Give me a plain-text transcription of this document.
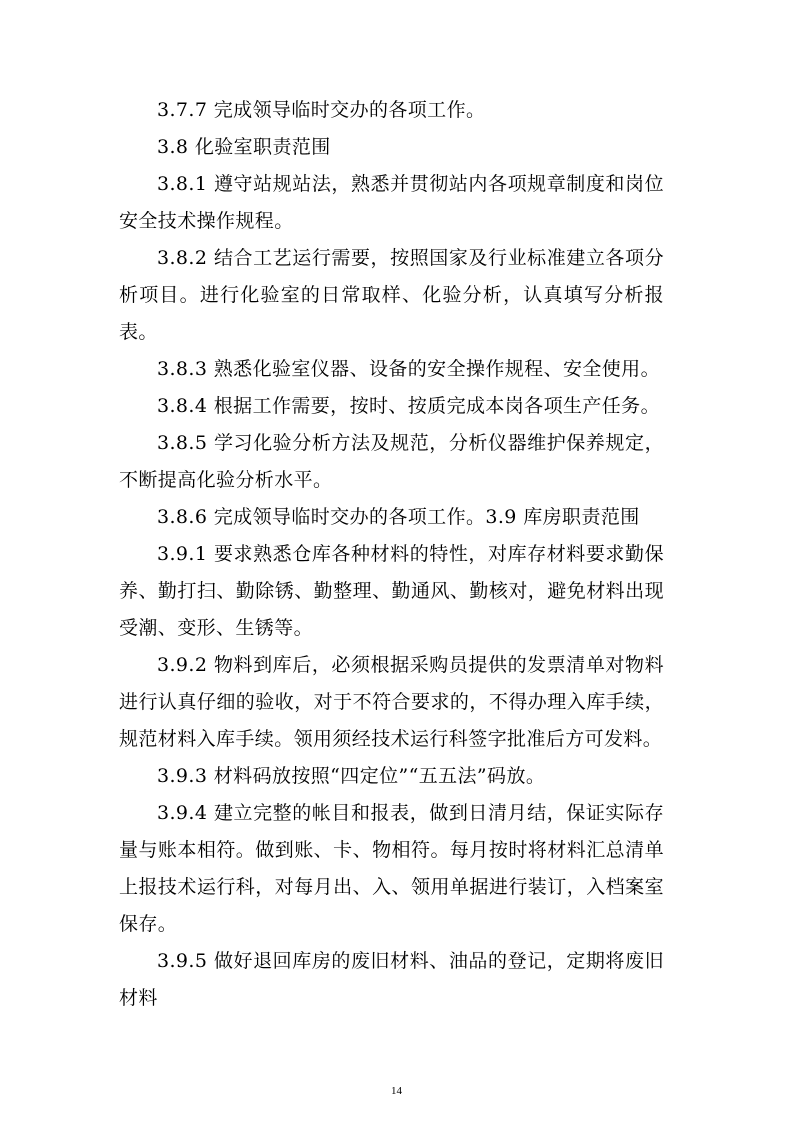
3.7.7 完成领导临时交办的各项工作。

3.8 化验室职责范围

3.8.1 遵守站规站法，熟悉并贯彻站内各项规章制度和岗位安全技术操作规程。

3.8.2 结合工艺运行需要，按照国家及行业标准建立各项分析项目。进行化验室的日常取样、化验分析，认真填写分析报表。

3.8.3 熟悉化验室仪器、设备的安全操作规程、安全使用。

3.8.4 根据工作需要，按时、按质完成本岗各项生产任务。

3.8.5 学习化验分析方法及规范，分析仪器维护保养规定，不断提高化验分析水平。

3.8.6 完成领导临时交办的各项工作。3.9 库房职责范围

3.9.1 要求熟悉仓库各种材料的特性，对库存材料要求勤保养、勤打扫、勤除锈、勤整理、勤通风、勤核对，避免材料出现受潮、变形、生锈等。

3.9.2 物料到库后，必须根据采购员提供的发票清单对物料进行认真仔细的验收，对于不符合要求的，不得办理入库手续，规范材料入库手续。领用须经技术运行科签字批准后方可发料。

3.9.3 材料码放按照“四定位”“五五法”码放。

3.9.4 建立完整的帐目和报表，做到日清月结，保证实际存量与账本相符。做到账、卡、物相符。每月按时将材料汇总清单上报技术运行科，对每月出、入、领用单据进行装订，入档案室保存。

3.9.5 做好退回库房的废旧材料、油品的登记，定期将废旧材料

14
